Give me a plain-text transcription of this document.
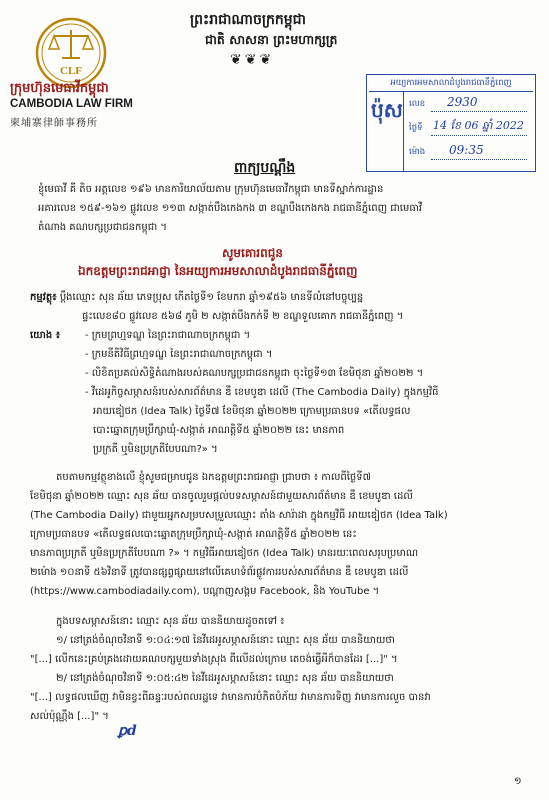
CLF
ក្រុមហ៊ុនមេធាវីកម្ពុជា
CAMBODIA LAW FIRM
柬埔寨律師事務所
ព្រះរាជាណាចក្រកម្ពុជា
ជាតិ សាសនា ព្រះមហាក្សត្រ
❦❦❦
អយ្យការអមសាលាដំបូងរាជធានីភ្នំពេញ
ប៉ុស លេខ 2930
ថ្ងៃទី 14 ខែ 06 ឆ្នាំ 2022
ម៉ោង 09:35
ពាក្យបណ្តឹង
ខ្ញុំមេធាវី គី តិច អត្តលេខ ១៩៦ មានការិយាល័យតាម ក្រុមហ៊ុនមេធាវីកម្ពុជា មានទីស្នាក់ការដ្ឋាន
អគារលេខ ១៥៩-១៦១ ផ្លូវលេខ ១១៣ សង្កាត់បឹងកេងកង ៣ ខណ្ឌបឹងកេងកង រាជធានីភ្នំពេញ ជាមេធាវី
តំណាង គណបក្សប្រជាជនកម្ពុជា ។
សូមគោរពជូន
ឯកឧត្តមព្រះរាជអាជ្ញា នៃអយ្យការអមសាលាដំបូងរាជធានីភ្នំពេញ
កម្មវត្ថុ៖ ប្តឹងឈ្មោះ សុន ឆ័យ ភេទប្រុស កើតថ្ងៃទី១ ខែមករា ឆ្នាំ១៩៥៦ មានទីលំនៅបច្ចុប្បន្ន
ផ្ទះលេខ៨០ ផ្លូវលេខ ៥៦៨ ភូមិ ២ សង្កាត់បឹងកក់ទី ២ ខណ្ឌទួលគោក រាជធានីភ្នំពេញ ។
យោង ៖	- ក្រមព្រហ្មទណ្ឌ នៃព្រះរាជាណាចក្រកម្ពុជា ។
- ក្រមនីតិវិធីព្រហ្មទណ្ឌ នៃព្រះរាជាណាចក្រកម្ពុជា ។
- លិខិតប្រគល់សិទ្ធិតំណាងរបស់គណបក្សប្រជាជនកម្ពុជា ចុះថ្ងៃទី១៣ ខែមិថុនា ឆ្នាំ២០២២ ។
- វីដេអូកិច្ចសម្ភាសន៍របស់សារព័ត៌មាន ឌឹ ខេមបូឌា ដេលី (The Cambodia Daily) ក្នុងកម្មវិធី
អាយឌៀថក (Idea Talk) ថ្ងៃទី៧ ខែមិថុនា ឆ្នាំ២០២២ ក្រោមប្រធានបទ «តើលទ្ធផល
បោះឆ្នោតក្រុមប្រឹក្សាឃុំ-សង្កាត់ អាណត្តិទី៥ ឆ្នាំ២០២២ នេះ មានភាព
ប្រក្រតី ឬមិនប្រក្រតីបែបណា?» ។
តបតាមកម្មវត្ថុខាងលើ ខ្ញុំសូមជម្រាបជូន ឯកឧត្តមព្រះរាជអាជ្ញា ជ្រាបថា ៖ កាលពីថ្ងៃទី៧
ខែមិថុនា ឆ្នាំ២០២២ ឈ្មោះ សុន ឆ័យ បានចូលរួមផ្តល់បទសម្ភាសន៍ជាមួយសារព័ត៌មាន ឌឹ ខេមបូឌា ដេលី
(The Cambodia Daily) ជាមួយអ្នកសម្របសម្រួលឈ្មោះ តាំង សារ៉ាដា ក្នុងកម្មវិធី អាយឌៀថក (Idea Talk)
ក្រោមប្រធានបទ «តើលទ្ធផលបោះឆ្នោតក្រុមប្រឹក្សាឃុំ-សង្កាត់ អាណត្តិទី៥ ឆ្នាំ២០២២ នេះ
មានភាពប្រក្រតី ឬមិនប្រក្រតីបែបណា ?» ។ កម្មវិធីអាយឌៀថក (Idea Talk) មានរយៈពេលសរុបប្រមាណ
២ម៉ោង ១០នាទី ៥៦វិនាទី ត្រូវបានផ្សព្វផ្សាយនៅលើគេហទំព័រផ្លូវការរបស់សារព័ត៌មាន ឌឹ ខេមបូឌា ដេលី
(https://www.cambodiadaily.com), បណ្តាញសង្គម Facebook, និង YouTube ។
ក្នុងបទសម្ភាសន៍នោះ ឈ្មោះ សុន ឆ័យ បាននិយាយដូចតទៅ ៖
១/ នៅត្រង់ចំណុចវិនាទី ១:០៤:១៧ នៃវីដេអូសម្ភាសន៍នោះ ឈ្មោះ សុន ឆ័យ បាននិយាយថា
"[...] លើកនេះគ្រប់គ្រងដោយគណបក្សមួយទាំងស្រុង ពីលើដល់ក្រោម តេចង់ធ្វើអីក៏បានដែរ [...]" ។
២/ នៅត្រង់ចំណុចវិនាទី ១:០៥:៤២ នៃវីដេអូសម្ភាសន៍នោះ ឈ្មោះ សុន ឆ័យ បាននិយាយថា
"[...] លទ្ធផលឃើញ វាមិនខ្វះពីឆន្ទៈរបស់ពលរដ្ឋទេ វាមានការបំភិតបំភ័យ វាមានការទិញ វាមានការលួច បានវា
សល់ប៉ុណ្ណឹង [...]" ។
ꝑd
១
